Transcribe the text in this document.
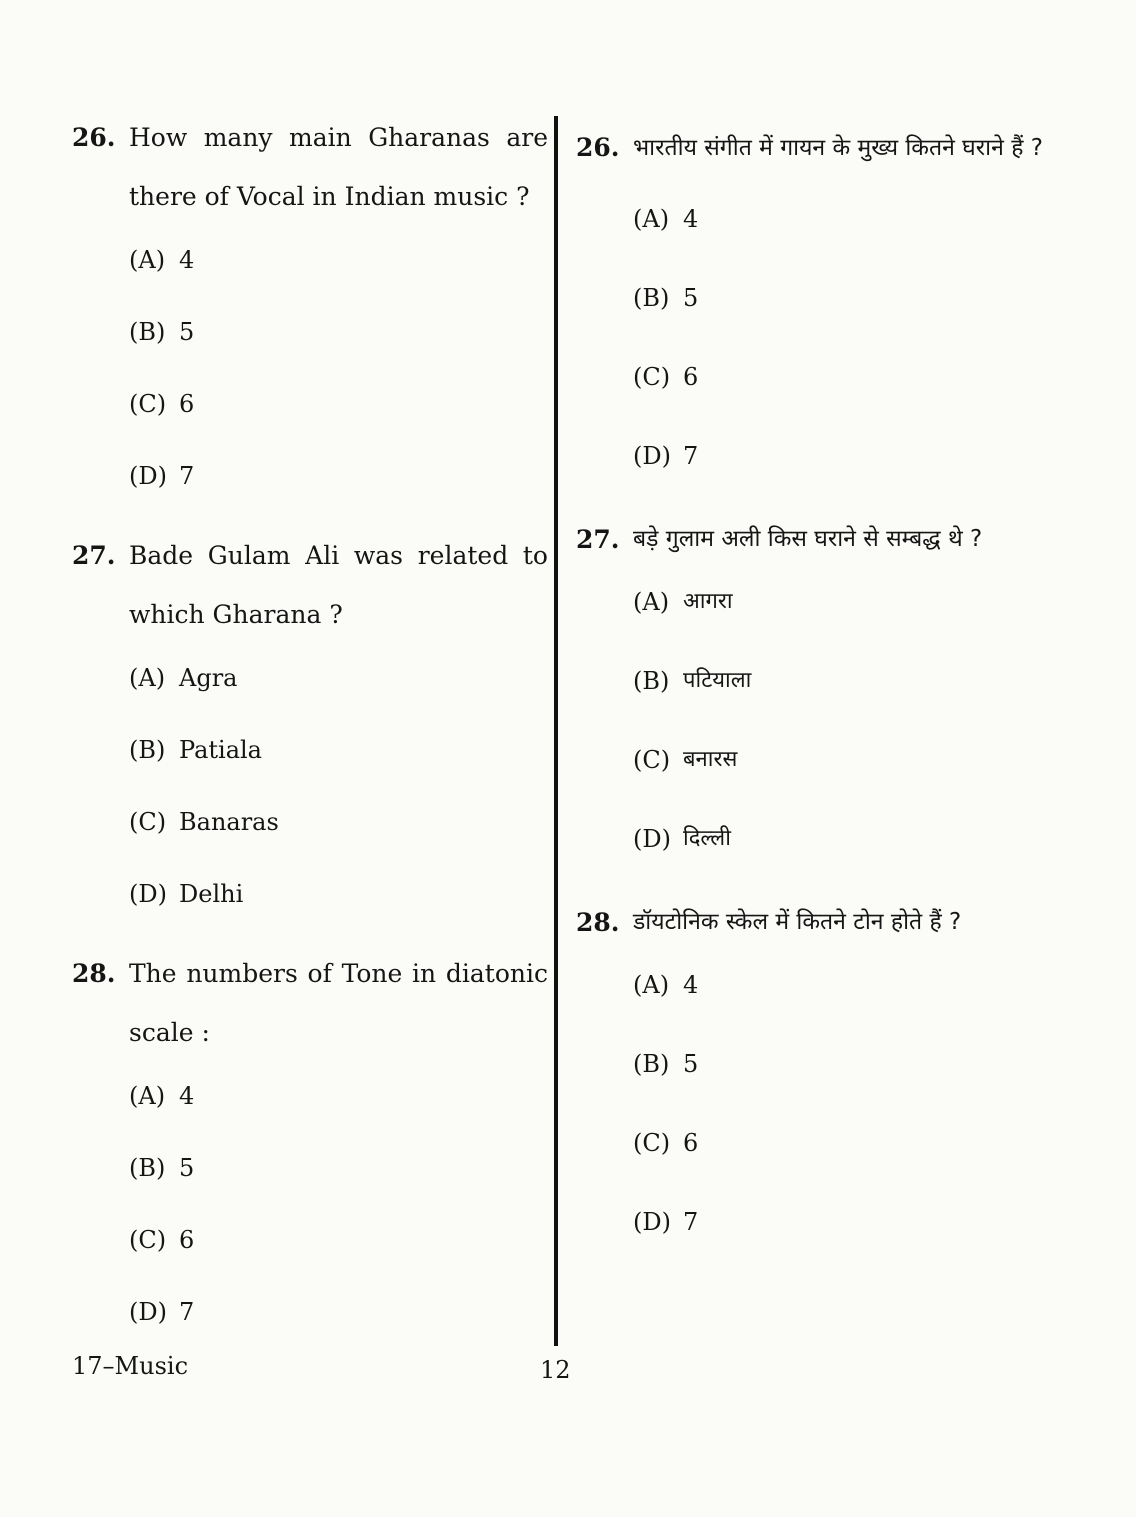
26. How many main Gharanas are there of Vocal in Indian music ?
(A) 4
(B) 5
(C) 6
(D) 7
27. Bade Gulam Ali was related to which Gharana ?
(A) Agra
(B) Patiala
(C) Banaras
(D) Delhi
28. The numbers of Tone in diatonic scale :
(A) 4
(B) 5
(C) 6
(D) 7
26. भारतीय संगीत में गायन के मुख्य कितने घराने हैं ?
(A) 4
(B) 5
(C) 6
(D) 7
27. बड़े गुलाम अली किस घराने से सम्बद्ध थे ?
(A) आगरा
(B) पटियाला
(C) बनारस
(D) दिल्ली
28. डॉयटोनिक स्केल में कितने टोन होते हैं ?
(A) 4
(B) 5
(C) 6
(D) 7
17–Music	12
